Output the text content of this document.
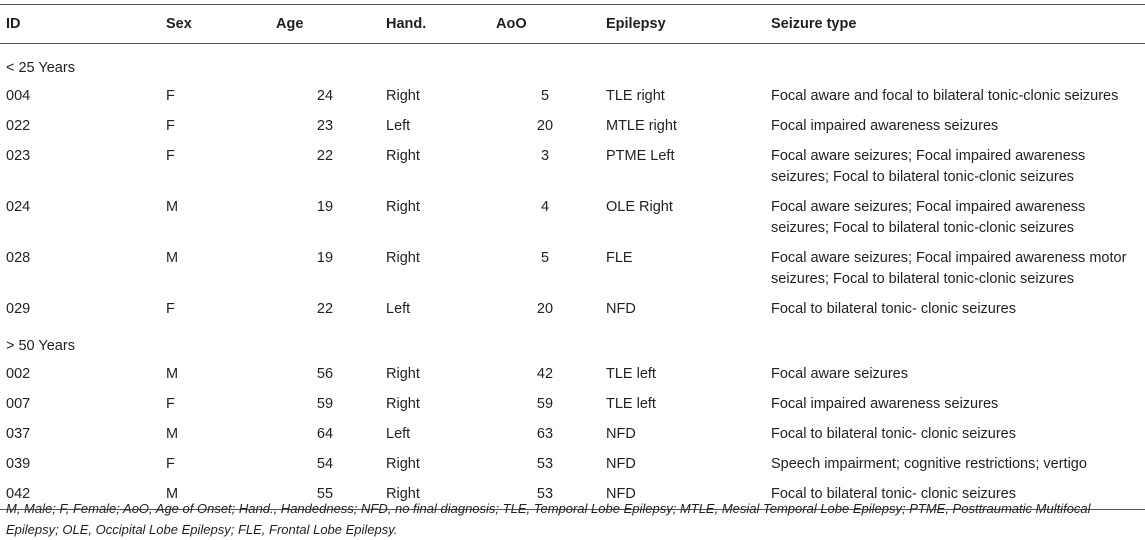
ID	Sex	Age	Hand.	AoO	Epilepsy	Seizure type
< 25 Years						
004	F	24	Right	5	TLE right	Focal aware and focal to bilateral tonic-clonic seizures
022	F	23	Left	20	MTLE right	Focal impaired awareness seizures
023	F	22	Right	3	PTME Left	Focal aware seizures; Focal impaired awareness seizures; Focal to bilateral tonic-clonic seizures
024	M	19	Right	4	OLE Right	Focal aware seizures; Focal impaired awareness seizures; Focal to bilateral tonic-clonic seizures
028	M	19	Right	5	FLE	Focal aware seizures; Focal impaired awareness motor seizures; Focal to bilateral tonic-clonic seizures
029	F	22	Left	20	NFD	Focal to bilateral tonic- clonic seizures
> 50 Years						
002	M	56	Right	42	TLE left	Focal aware seizures
007	F	59	Right	59	TLE left	Focal impaired awareness seizures
037	M	64	Left	63	NFD	Focal to bilateral tonic- clonic seizures
039	F	54	Right	53	NFD	Speech impairment; cognitive restrictions; vertigo
042	M	55	Right	53	NFD	Focal to bilateral tonic- clonic seizures
M, Male; F, Female; AoO, Age of Onset; Hand., Handedness; NFD, no final diagnosis; TLE, Temporal Lobe Epilepsy; MTLE, Mesial Temporal Lobe Epilepsy; PTME, Posttraumatic Multifocal Epilepsy; OLE, Occipital Lobe Epilepsy; FLE, Frontal Lobe Epilepsy.
